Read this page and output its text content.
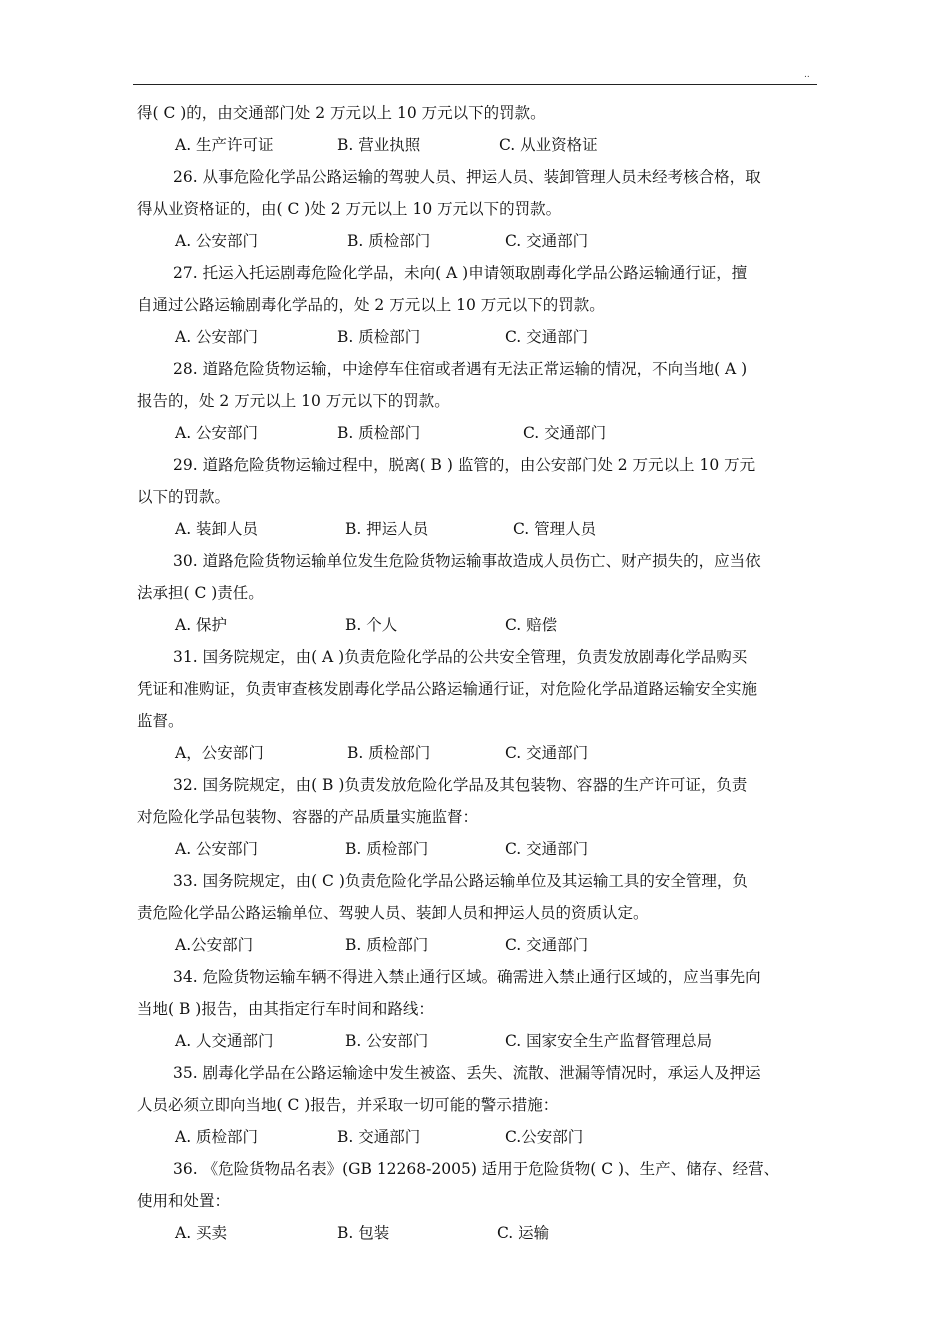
..
得( C )的，由交通部门处 2 万元以上 10 万元以下的罚款。
A. 生产许可证	B. 营业执照	C. 从业资格证
26. 从事危险化学品公路运输的驾驶人员、押运人员、装卸管理人员未经考核合格，取
得从业资格证的，由( C )处 2 万元以上 10 万元以下的罚款。
A. 公安部门	B. 质检部门	C. 交通部门
27. 托运入托运剧毒危险化学品，未向( A )申请领取剧毒化学品公路运输通行证，擅
自通过公路运输剧毒化学品的，处 2 万元以上 10 万元以下的罚款。
A. 公安部门	B. 质检部门	C. 交通部门
28. 道路危险货物运输，中途停车住宿或者遇有无法正常运输的情况，不向当地( A )
报告的，处 2 万元以上 10 万元以下的罚款。
A. 公安部门	B. 质检部门	C. 交通部门
29. 道路危险货物运输过程中，脱离( B ) 监管的，由公安部门处 2 万元以上 10 万元
以下的罚款。
A. 装卸人员	B. 押运人员	C. 管理人员
30. 道路危险货物运输单位发生危险货物运输事故造成人员伤亡、财产损失的，应当依
法承担( C )责任。
A. 保护	B. 个人	C. 赔偿
31. 国务院规定，由( A )负责危险化学品的公共安全管理，负责发放剧毒化学品购买
凭证和准购证，负责审查核发剧毒化学品公路运输通行证，对危险化学品道路运输安全实施
监督。
A，公安部门	B. 质检部门	C. 交通部门
32. 国务院规定，由( B )负责发放危险化学品及其包装物、容器的生产许可证，负责
对危险化学品包装物、容器的产品质量实施监督：
A. 公安部门	B. 质检部门	C. 交通部门
33. 国务院规定，由( C )负责危险化学品公路运输单位及其运输工具的安全管理，负
责危险化学品公路运输单位、驾驶人员、装卸人员和押运人员的资质认定。
A.公安部门	B. 质检部门	C. 交通部门
34. 危险货物运输车辆不得进入禁止通行区域。确需进入禁止通行区域的，应当事先向
当地( B )报告，由其指定行车时间和路线：
A. 人交通部门	B. 公安部门	C. 国家安全生产监督管理总局
35. 剧毒化学品在公路运输途中发生被盗、丢失、流散、泄漏等情况时，承运人及押运
人员必须立即向当地( C )报告，并采取一切可能的警示措施：
A. 质检部门	B. 交通部门	C.公安部门
36. 《危险货物品名表》(GB 12268-2005) 适用于危险货物( C )、生产、储存、经营、
使用和处置：
A. 买卖	B. 包装	C. 运输
